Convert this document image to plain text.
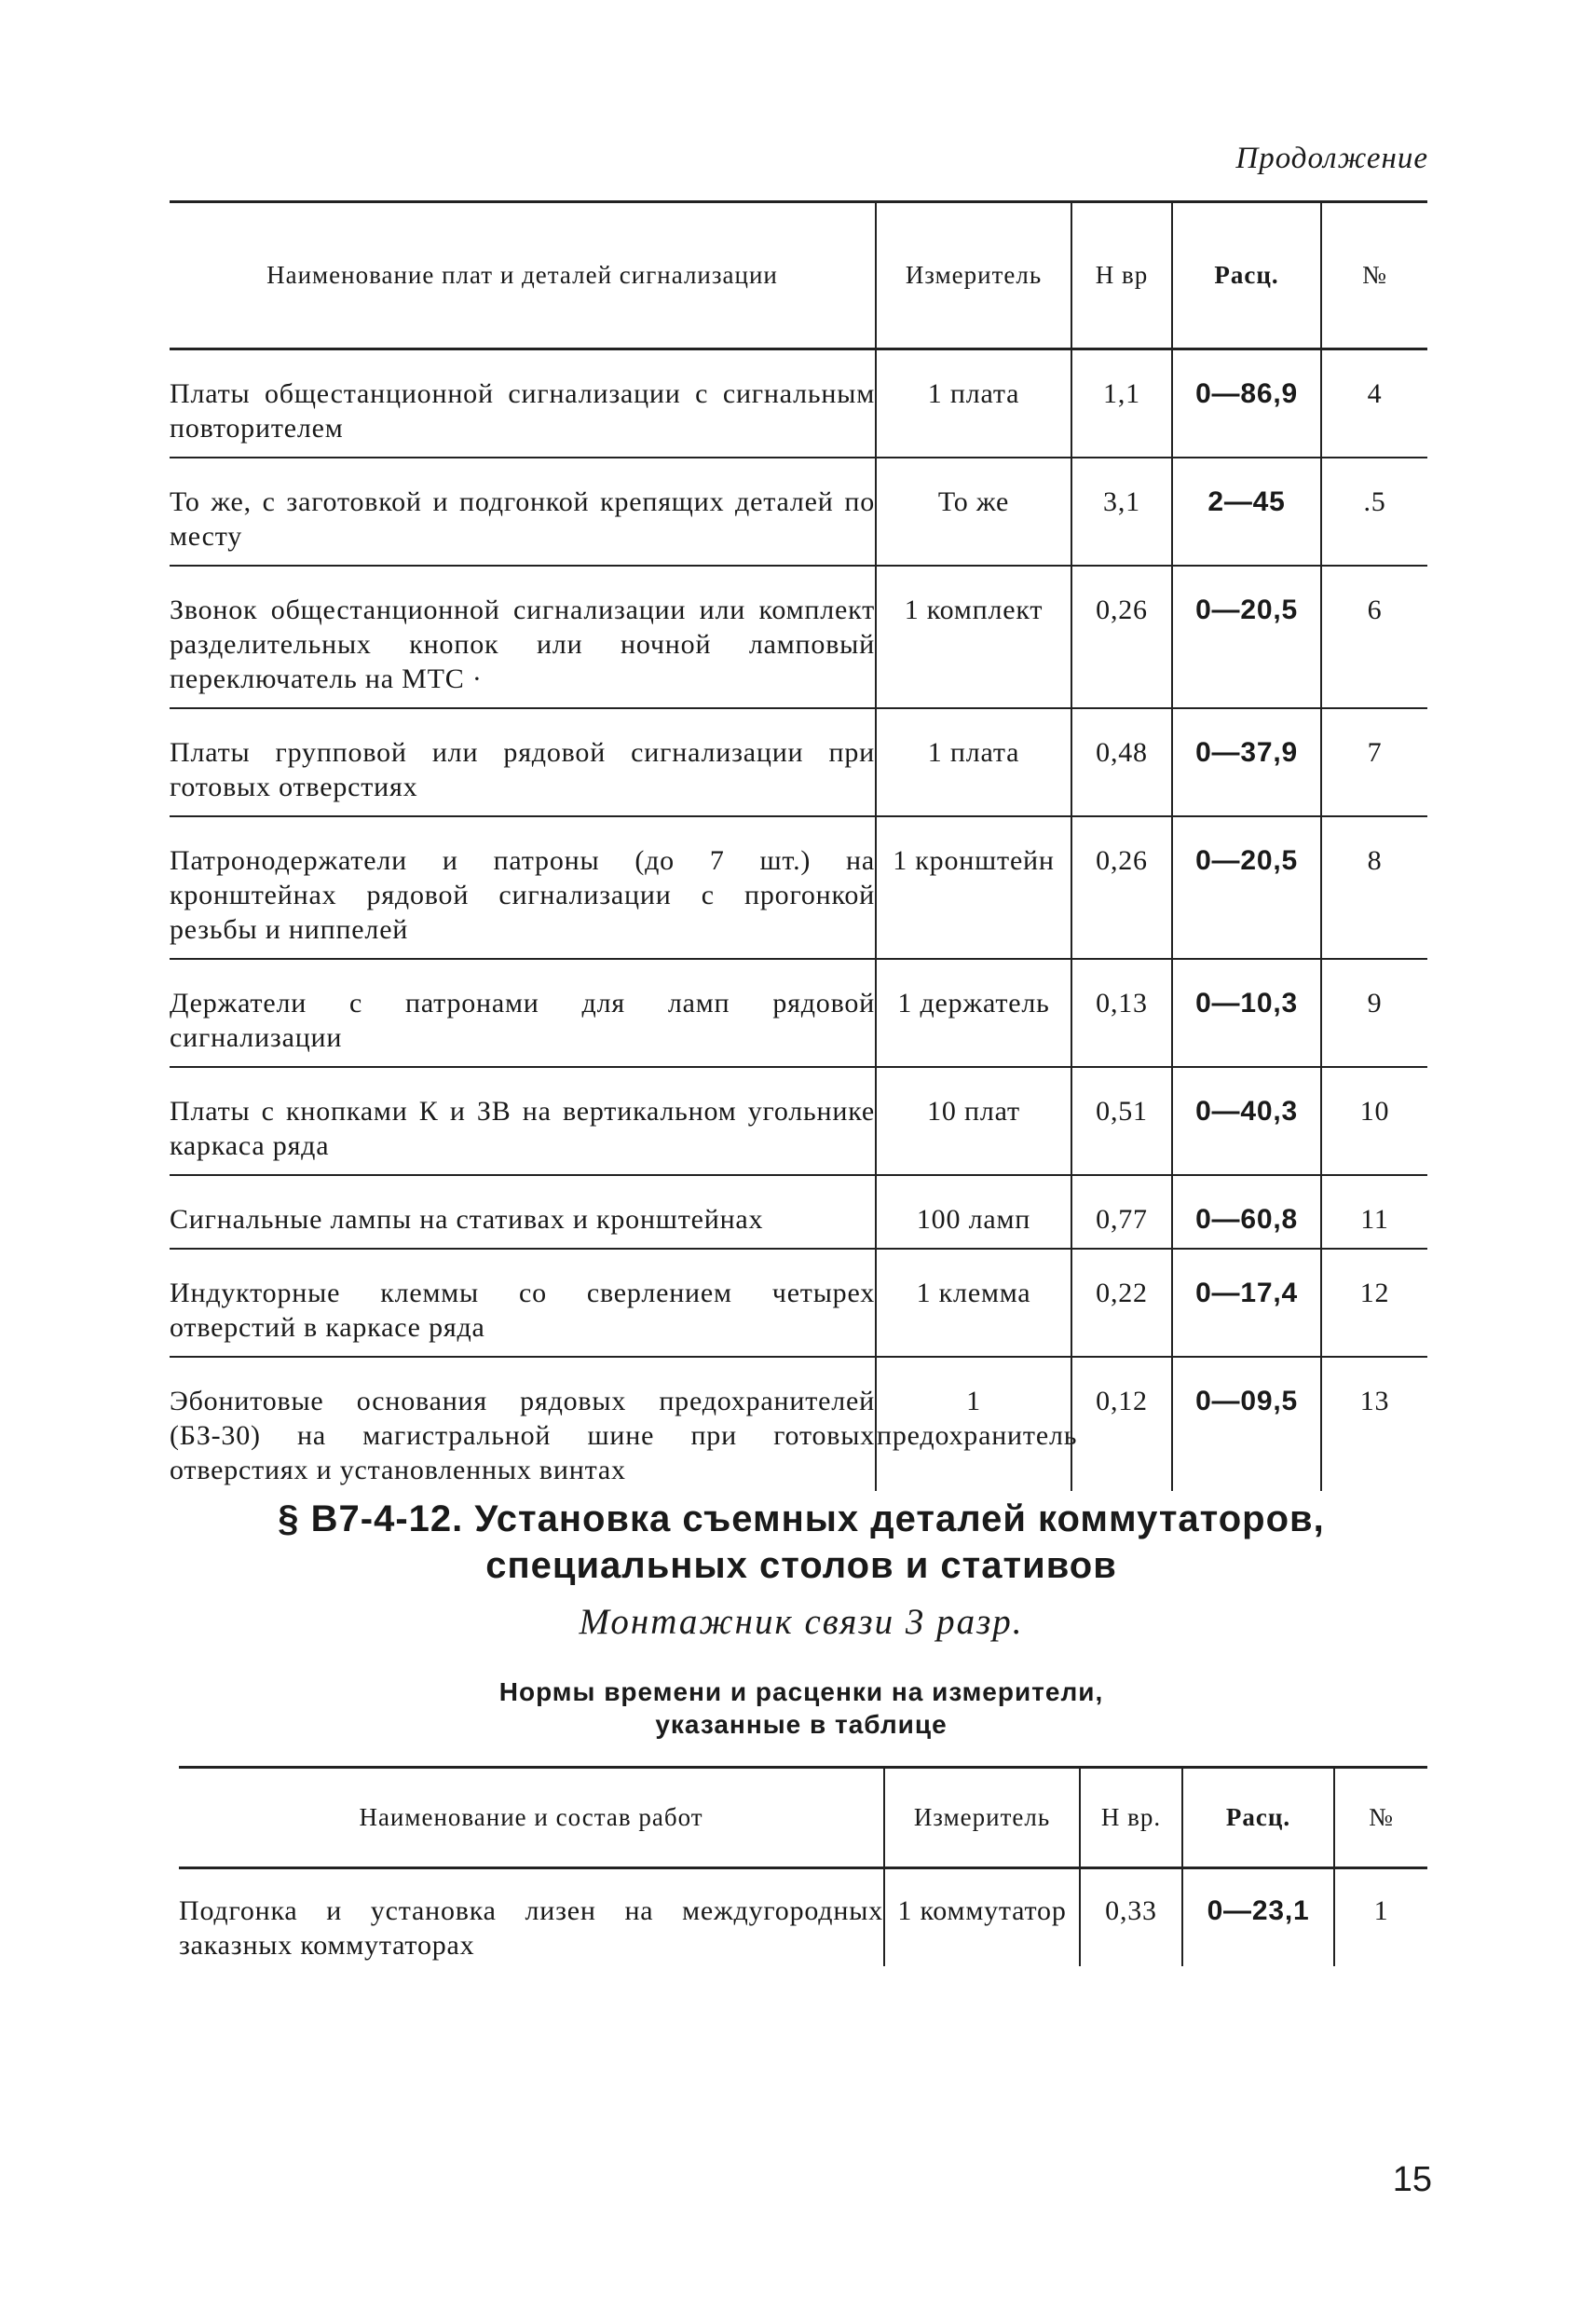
Продолжение
Наименование плат и деталей сигнализации	Измеритель	Н вр	Расц.	№
Платы общестанционной сигнализации с сигнальным повторителем	1 плата	1,1	0—86,9	4
То же, с заготовкой и подгонкой крепящих деталей по месту	То же	3,1	2—45	.5
Звонок общестанционной сигнализации или комплект разделительных кнопок или ночной ламповый переключатель на МТС ·	1 комплект	0,26	0—20,5	6
Платы групповой или рядовой сигнализации при готовых отверстиях	1 плата	0,48	0—37,9	7
Патронодержатели и патроны (до 7 шт.) на кронштейнах рядовой сигнализации с прогонкой резьбы и ниппелей	1 кронштейн	0,26	0—20,5	8
Держатели с патронами для ламп рядовой сигнализации	1 держатель	0,13	0—10,3	9
Платы с кнопками К и ЗВ на вертикальном угольнике каркаса ряда	10 плат	0,51	0—40,3	10
Сигнальные лампы на стативах и кронштейнах	100 ламп	0,77	0—60,8	11
Индукторные клеммы со сверлением четырех отверстий в каркасе ряда	1 клемма	0,22	0—17,4	12
Эбонитовые основания рядовых предохранителей (БЗ-30) на магистральной шине при готовых отверстиях и установленных винтах	1 предохранитель	0,12	0—09,5	13
§ В7-4-12. Установка съемных деталей коммутаторов,
специальных столов и стативов
Монтажник связи 3 разр.
Нормы времени и расценки на измерители,
указанные в таблице
Наименование и состав работ	Измеритель	Н вр.	Расц.	№
Подгонка и установка лизен на междугородных заказных коммутаторах	1 коммутатор	0,33	0—23,1	1
15
